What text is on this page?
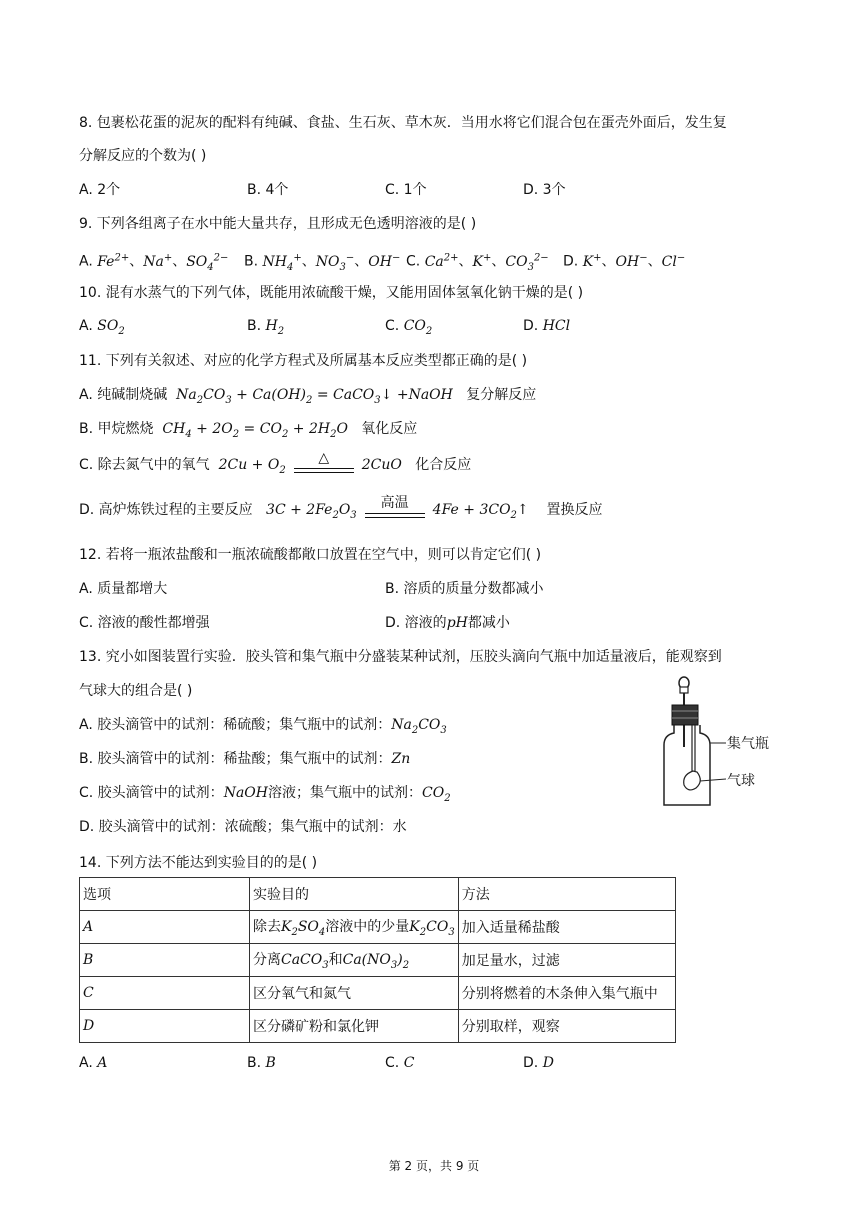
8. 包裹松花蛋的泥灰的配料有纯碱、食盐、生石灰、草木灰．当用水将它们混合包在蛋壳外面后，发生复
分解反应的个数为( )
A. 2个	B. 4个	C. 1个	D. 3个
9. 下列各组离子在水中能大量共存，且形成无色透明溶液的是( )
A. $Fe^{2+}$、Na+、$SO_4^{2-}$ B. $NH_4^+$、$NO_3^-$、OH− C. $Ca^{2+}$、K+、$CO_3^{2-}$ D. K+、OH−、Cl−
10. 混有水蒸气的下列气体，既能用浓硫酸干燥，又能用固体氢氧化钠干燥的是( )
A. $SO_2$	B. $H_2$	C. $CO_2$	D. HCl
11. 下列有关叙述、对应的化学方程式及所属基本反应类型都正确的是( )
A. 纯碱制烧碱 $Na_2CO_3 + Ca(OH)_2$ = CaCO$_3$↓ +NaOH 复分解反应
B. 甲烷燃烧 $CH_4 + 2O_2 = CO_2 + 2H_2O$ 氧化反应
C. 除去氮气中的氧气 $2Cu + O_2$
△	2CuO 化合反应
D. 高炉炼铁过程的主要反应 $3C + 2Fe_2O_3$
高温	$4Fe + 3CO_2↑$ 置换反应
12. 若将一瓶浓盐酸和一瓶浓硫酸都敞口放置在空气中，则可以肯定它们( )
A. 质量都增大	B. 溶质的质量分数都减小
C. 溶液的酸性都增强	D. 溶液的pH都减小
13. 究小如图装置行实验．胶头管和集气瓶中分盛装某种试剂，压胶头滴向气瓶中加适量液后，能观察到
气球大的组合是( )
A. 胶头滴管中的试剂：稀硫酸；集气瓶中的试剂：$Na_2CO_3$
B. 胶头滴管中的试剂：稀盐酸；集气瓶中的试剂：Zn
C. 胶头滴管中的试剂：NaOH溶液；集气瓶中的试剂：$CO_2$
D. 胶头滴管中的试剂：浓硫酸；集气瓶中的试剂：水
集气瓶
气球
14. 下列方法不能达到实验目的的是( )
选项	实验目的	方法
A	除去$K_2SO_4$溶液中的少量$K_2CO_3$	加入适量稀盐酸
B	分离CaCO$_3$和$Ca(NO_3)_2$	加足量水，过滤
C	区分氧气和氮气	分别将燃着的木条伸入集气瓶中
D	区分磷矿粉和氯化钾	分别取样，观察
A. A	B. B	C. C	D. D
第 2 页，共 9 页
